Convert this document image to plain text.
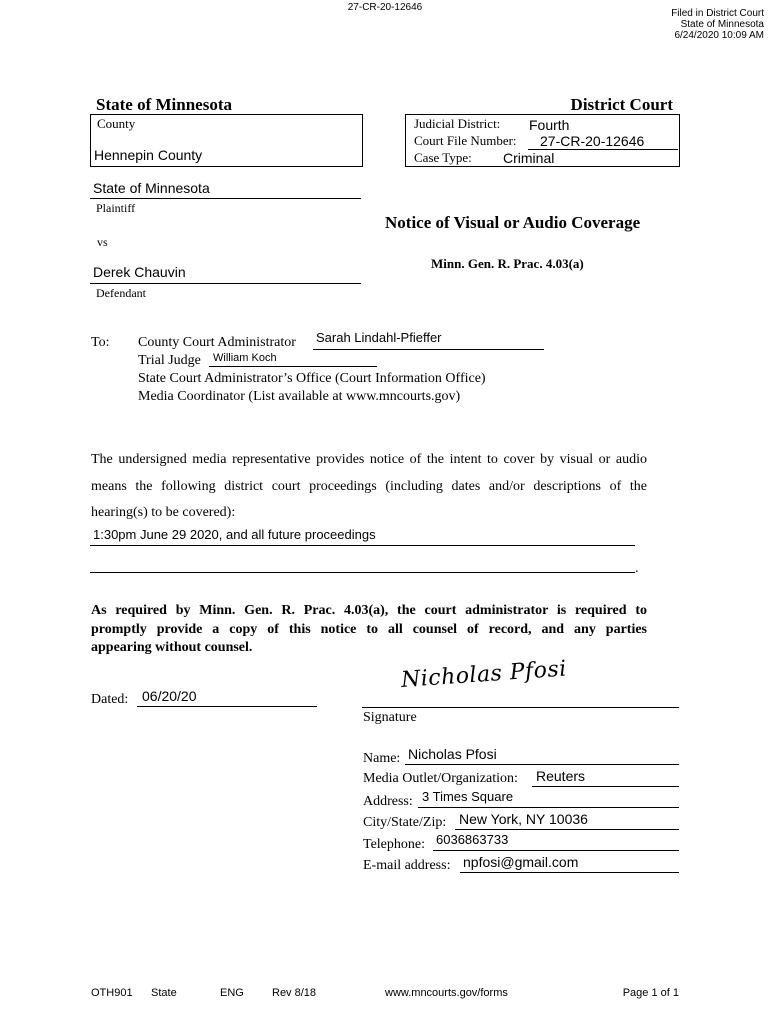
27-CR-20-12646
Filed in District Court
State of Minnesota
6/24/2020 10:09 AM
State of Minnesota	District Court
County
Hennepin County
Judicial District: Fourth
Court File Number: 27-CR-20-12646
Case Type: Criminal
State of Minnesota
Plaintiff
vs
Derek Chauvin
Defendant
Notice of Visual or Audio Coverage
Minn. Gen. R. Prac. 4.03(a)
To: County Court Administrator Sarah Lindahl-Pfieffer
Trial Judge William Koch
State Court Administrator’s Office (Court Information Office)
Media Coordinator (List available at www.mncourts.gov)
The undersigned media representative provides notice of the intent to cover by visual or audio
means the following district court proceedings (including dates and/or descriptions of the
hearing(s) to be covered):
1:30pm June 29 2020, and all future proceedings
.
As required by Minn. Gen. R. Prac. 4.03(a), the court administrator is required to
promptly provide a copy of this notice to all counsel of record, and any parties
appearing without counsel.
Nicholas Pfosi
Signature
Dated: 06/20/20
Name: Nicholas Pfosi
Media Outlet/Organization: Reuters
Address: 3 Times Square
City/State/Zip: New York, NY 10036
Telephone: 6036863733
E-mail address: npfosi@gmail.com
OTH901 State	ENG	Rev 8/18	www.mncourts.gov/forms	Page 1 of 1
